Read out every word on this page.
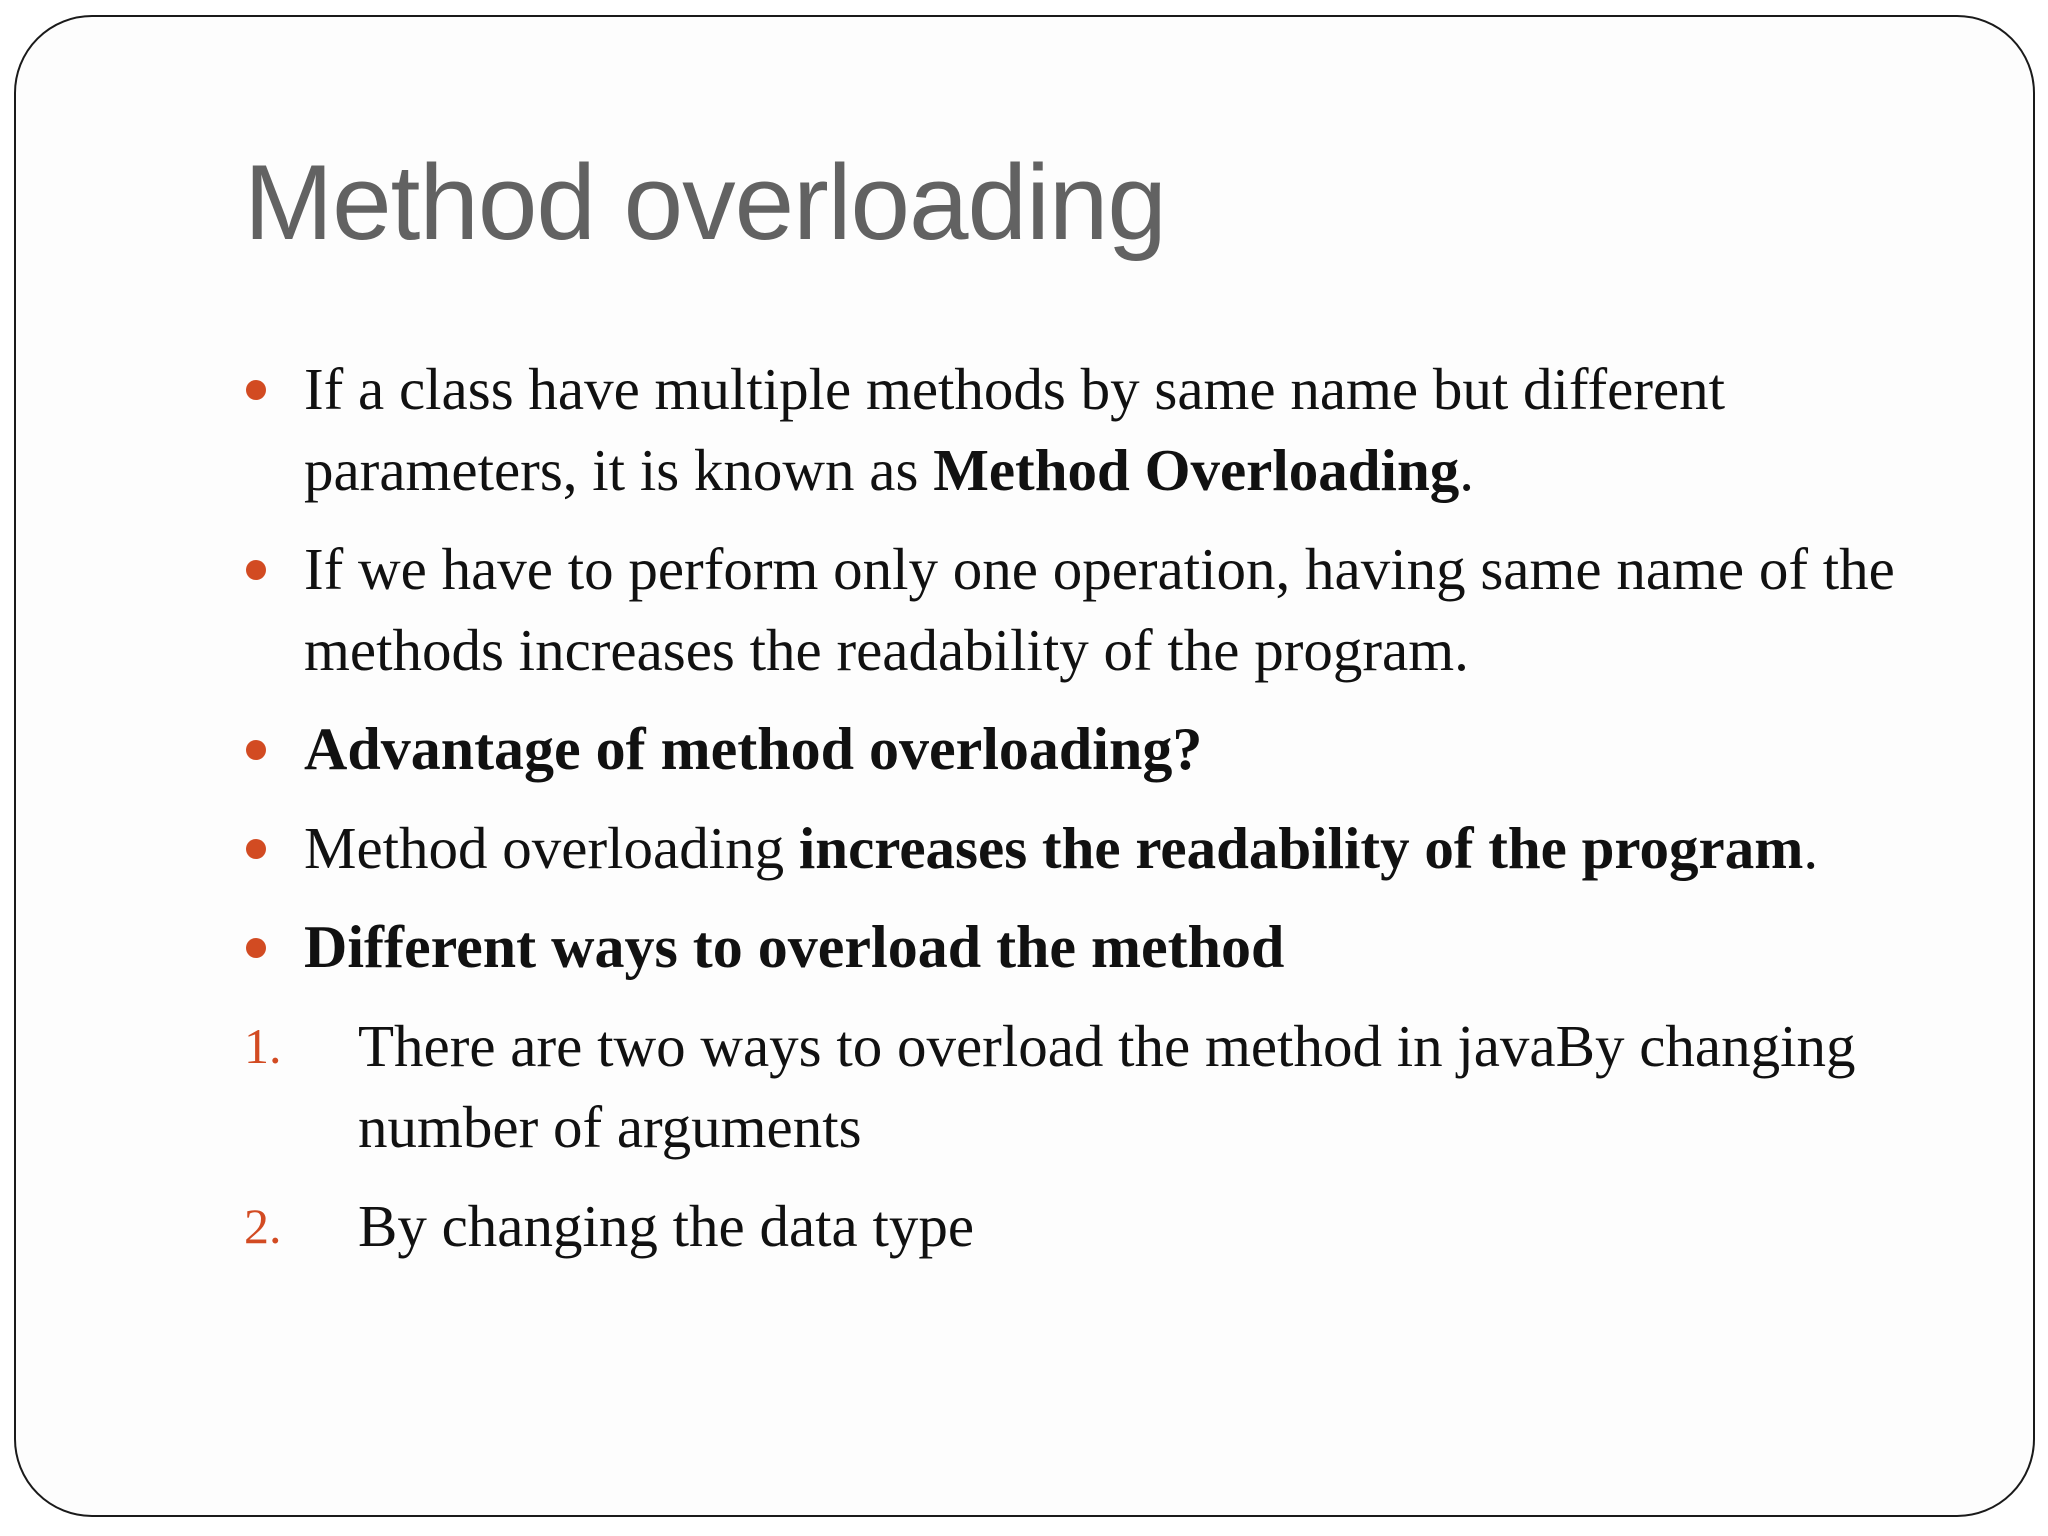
Method overloading
If a class have multiple methods by same name but different parameters, it is known as Method Overloading.
If we have to perform only one operation, having same name of the methods increases the readability of the program.
Advantage of method overloading?
Method overloading increases the readability of the program.
Different ways to overload the method
1. There are two ways to overload the method in javaBy changing number of arguments
2. By changing the data type
